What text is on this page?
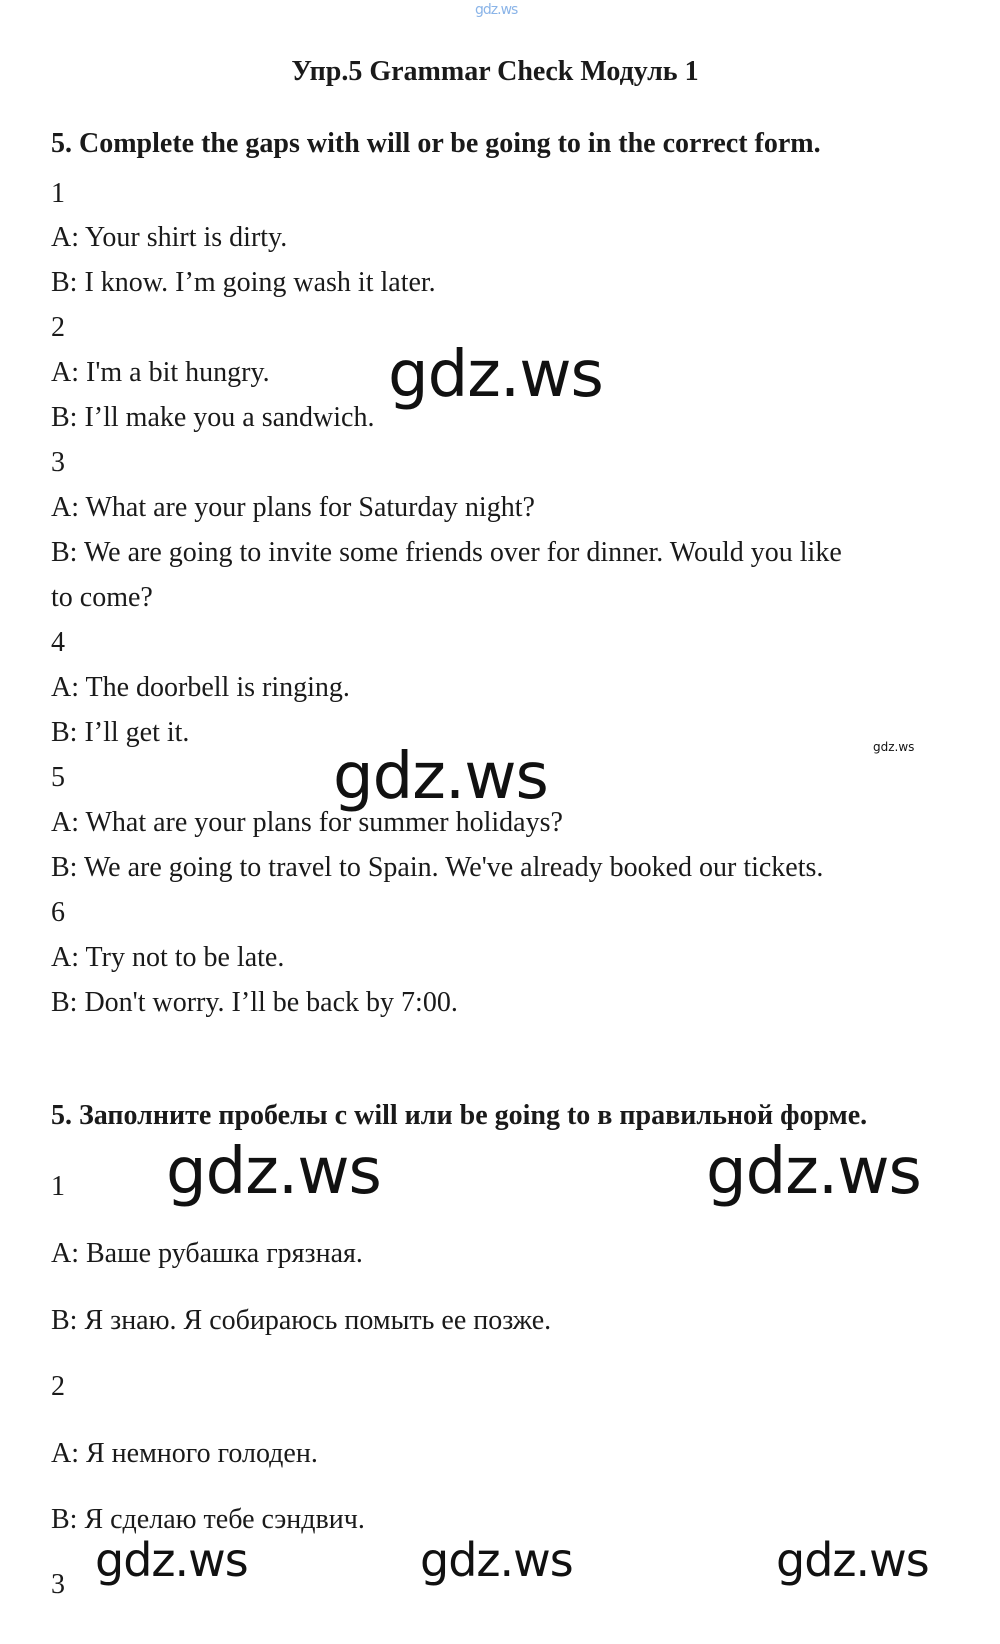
gdz.ws
Упр.5 Grammar Check Модуль 1
5. Complete the gaps with will or be going to in the correct form.
1
A: Your shirt is dirty.
B: I know. I’m going wash it later.
2
A: I'm a bit hungry.
B: I’ll make you a sandwich.
3
A: What are your plans for Saturday night?
B: We are going to invite some friends over for dinner. Would you like
to come?
4
A: The doorbell is ringing.
B: I’ll get it.
5
A: What are your plans for summer holidays?
B: We are going to travel to Spain. We've already booked our tickets.
6
A: Try not to be late.
B: Don't worry. I’ll be back by 7:00.
5. Заполните пробелы с will или be going to в правильной форме.
1
A: Ваше рубашка грязная.
B: Я знаю. Я собираюсь помыть ее позже.
2
A: Я немного голоден.
B: Я сделаю тебе сэндвич.
3
gdz.ws
gdz.ws	gdz.ws
gdz.ws	gdz.ws
gdz.ws	gdz.ws	gdz.ws
